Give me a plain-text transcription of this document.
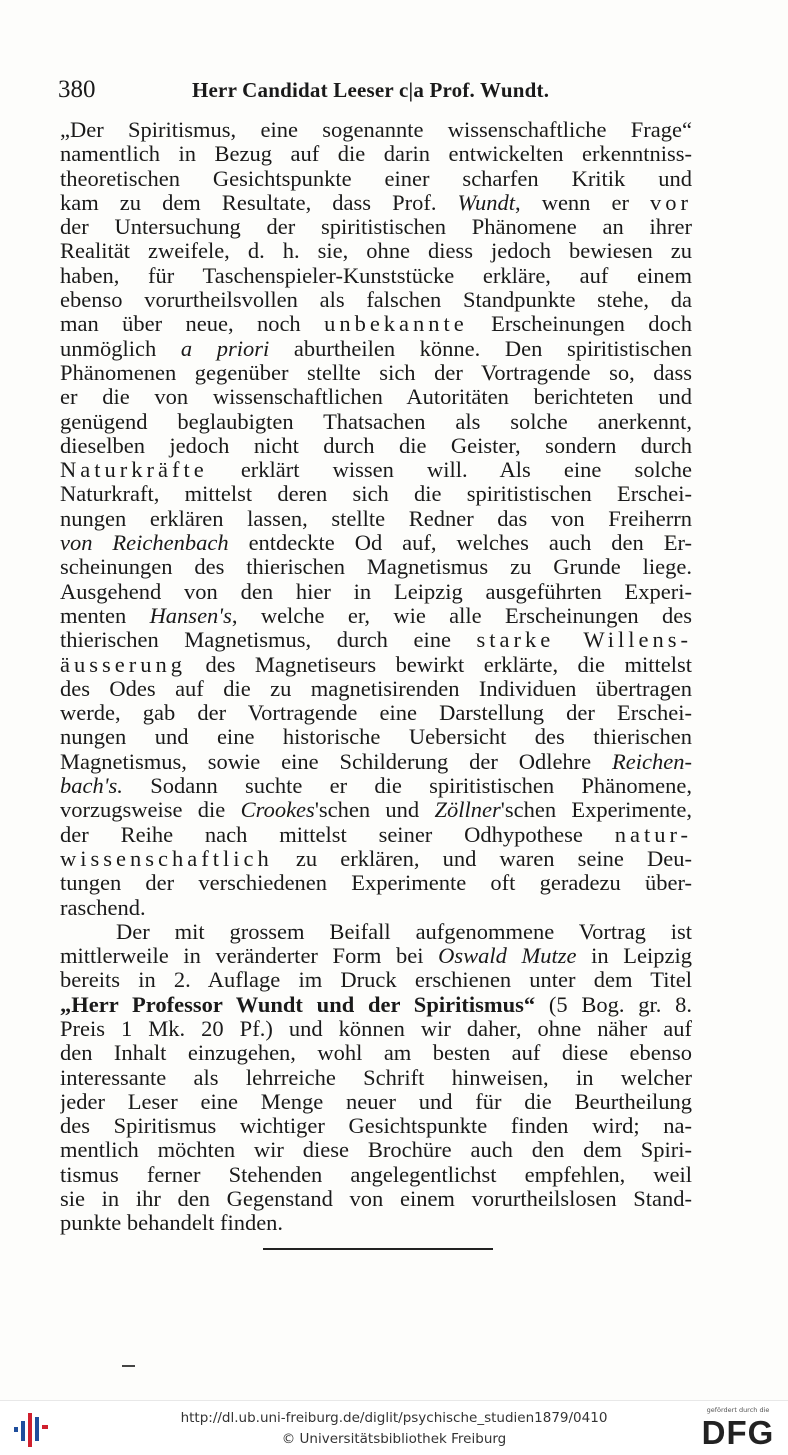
380	Herr Candidat Leeser c|a Prof. Wundt.
„Der Spiritismus, eine sogenannte wissenschaftliche Frage“
namentlich in Bezug auf die darin entwickelten erkenntniss-
theoretischen Gesichtspunkte einer scharfen Kritik und
kam zu dem Resultate, dass Prof. Wundt, wenn er vor
der Untersuchung der spiritistischen Phänomene an ihrer
Realität zweifele, d. h. sie, ohne diess jedoch bewiesen zu
haben, für Taschenspieler-Kunststücke erkläre, auf einem
ebenso vorurtheilsvollen als falschen Standpunkte stehe, da
man über neue, noch unbekannte Erscheinungen doch
unmöglich a priori aburtheilen könne. Den spiritistischen
Phänomenen gegenüber stellte sich der Vortragende so, dass
er die von wissenschaftlichen Autoritäten berichteten und
genügend beglaubigten Thatsachen als solche anerkennt,
dieselben jedoch nicht durch die Geister, sondern durch
Naturkräfte erklärt wissen will. Als eine solche
Naturkraft, mittelst deren sich die spiritistischen Erschei-
nungen erklären lassen, stellte Redner das von Freiherrn
von Reichenbach entdeckte Od auf, welches auch den Er-
scheinungen des thierischen Magnetismus zu Grunde liege.
Ausgehend von den hier in Leipzig ausgeführten Experi-
menten Hansen's, welche er, wie alle Erscheinungen des
thierischen Magnetismus, durch eine starke Willens-
äusserung des Magnetiseurs bewirkt erklärte, die mittelst
des Odes auf die zu magnetisirenden Individuen übertragen
werde, gab der Vortragende eine Darstellung der Erschei-
nungen und eine historische Uebersicht des thierischen
Magnetismus, sowie eine Schilderung der Odlehre Reichen-
bach's. Sodann suchte er die spiritistischen Phänomene,
vorzugsweise die Crookes'schen und Zöllner'schen Experimente,
der Reihe nach mittelst seiner Odhypothese natur-
wissenschaftlich zu erklären, und waren seine Deu-
tungen der verschiedenen Experimente oft geradezu über-
raschend.
Der mit grossem Beifall aufgenommene Vortrag ist
mittlerweile in veränderter Form bei Oswald Mutze in Leipzig
bereits in 2. Auflage im Druck erschienen unter dem Titel
„Herr Professor Wundt und der Spiritismus“ (5 Bog. gr. 8.
Preis 1 Mk. 20 Pf.) und können wir daher, ohne näher auf
den Inhalt einzugehen, wohl am besten auf diese ebenso
interessante als lehrreiche Schrift hinweisen, in welcher
jeder Leser eine Menge neuer und für die Beurtheilung
des Spiritismus wichtiger Gesichtspunkte finden wird; na-
mentlich möchten wir diese Brochüre auch den dem Spiri-
tismus ferner Stehenden angelegentlichst empfehlen, weil
sie in ihr den Gegenstand von einem vorurtheilslosen Stand-
punkte behandelt finden.
http://dl.ub.uni-freiburg.de/diglit/psychische_studien1879/0410
© Universitätsbibliothek Freiburg
gefördert durch die
DFG
